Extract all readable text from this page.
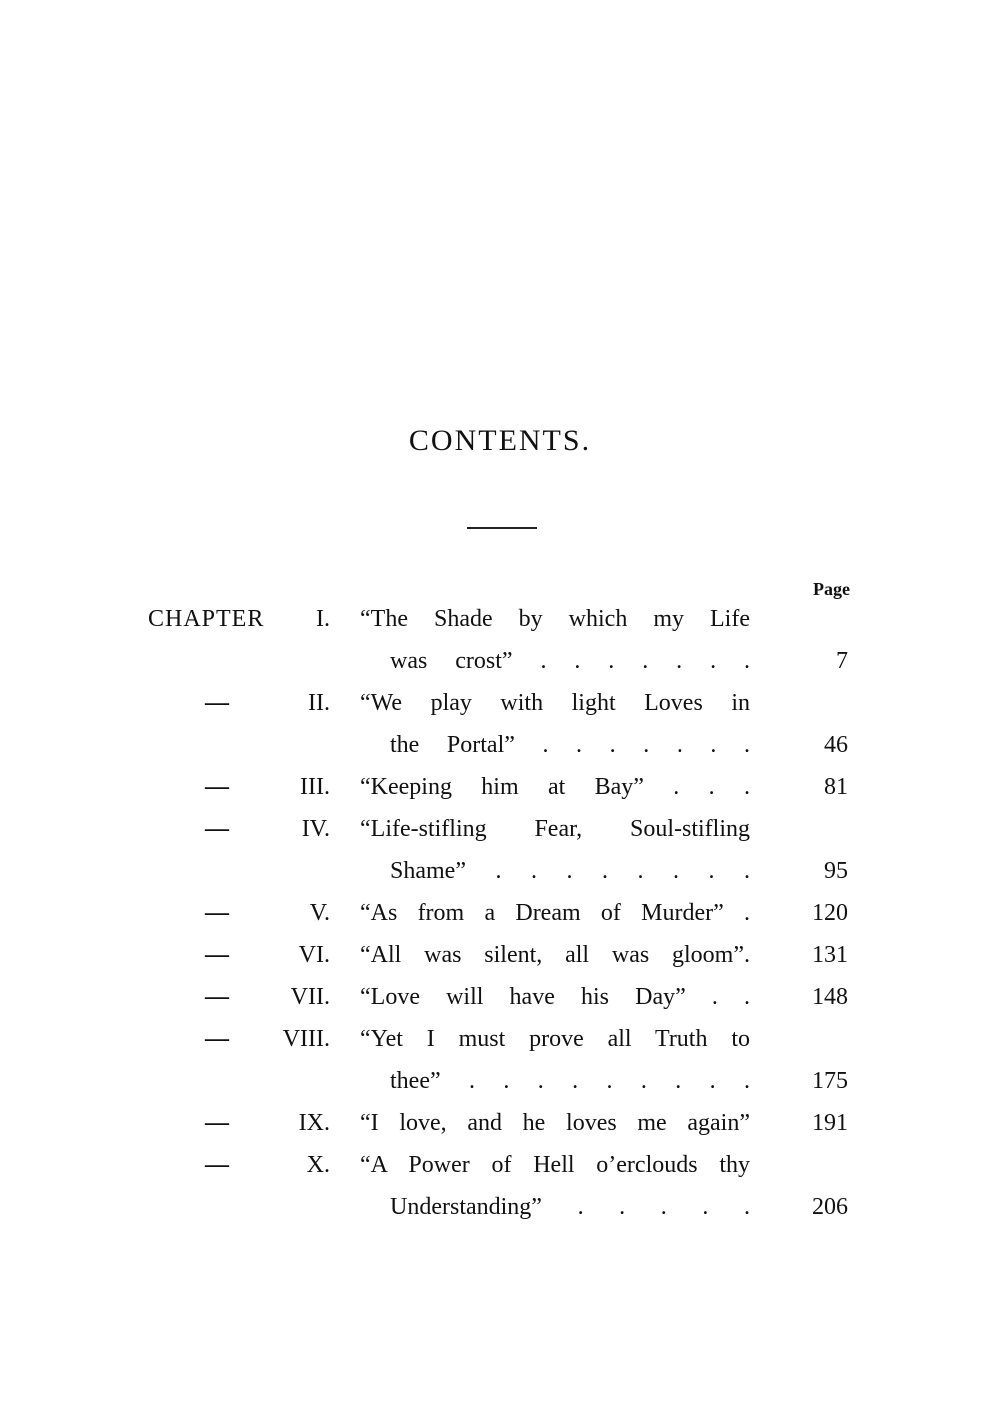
CONTENTS.
Page
CHAPTER I. “The Shade by which my Life
was crost” . . . . . . .	7
—	II. “We play with light Loves in
the Portal” . . . . . . .	46
—	III. “Keeping him at Bay” . . .	81
—	IV. “Life-stifling Fear, Soul-stifling
Shame” . . . . . . . .	95
—	V. “As from a Dream of Murder” .	120
—	VI. “All was silent, all was gloom”.	131
—	VII. “Love will have his Day” . .	148
— VIII. “Yet I must prove all Truth to
thee” . . . . . . . . .	175
—	IX. “I love, and he loves me again”	191
—	X. “A Power of Hell o’erclouds thy
Understanding” . . . . .	206
